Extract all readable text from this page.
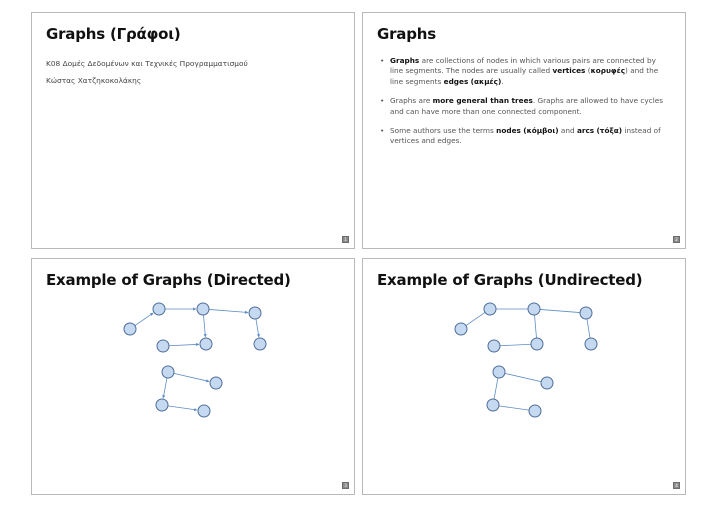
Graphs (Γράφοι)
Κ08 Δομές Δεδομένων και Τεχνικές Προγραμματισμού
Κώστας Χατζηκοκολάκης
1
Graphs
• Graphs are collections of nodes in which various pairs are connected by line segments. The nodes are usually called vertices (κορυφές) and the line segments edges (ακμές).
• Graphs are more general than trees. Graphs are allowed to have cycles and can have more than one connected component.
• Some authors use the terms nodes (κόμβοι) and arcs (τόξα) instead of vertices and edges.
2
Example of Graphs (Directed)
3
Example of Graphs (Undirected)
4
